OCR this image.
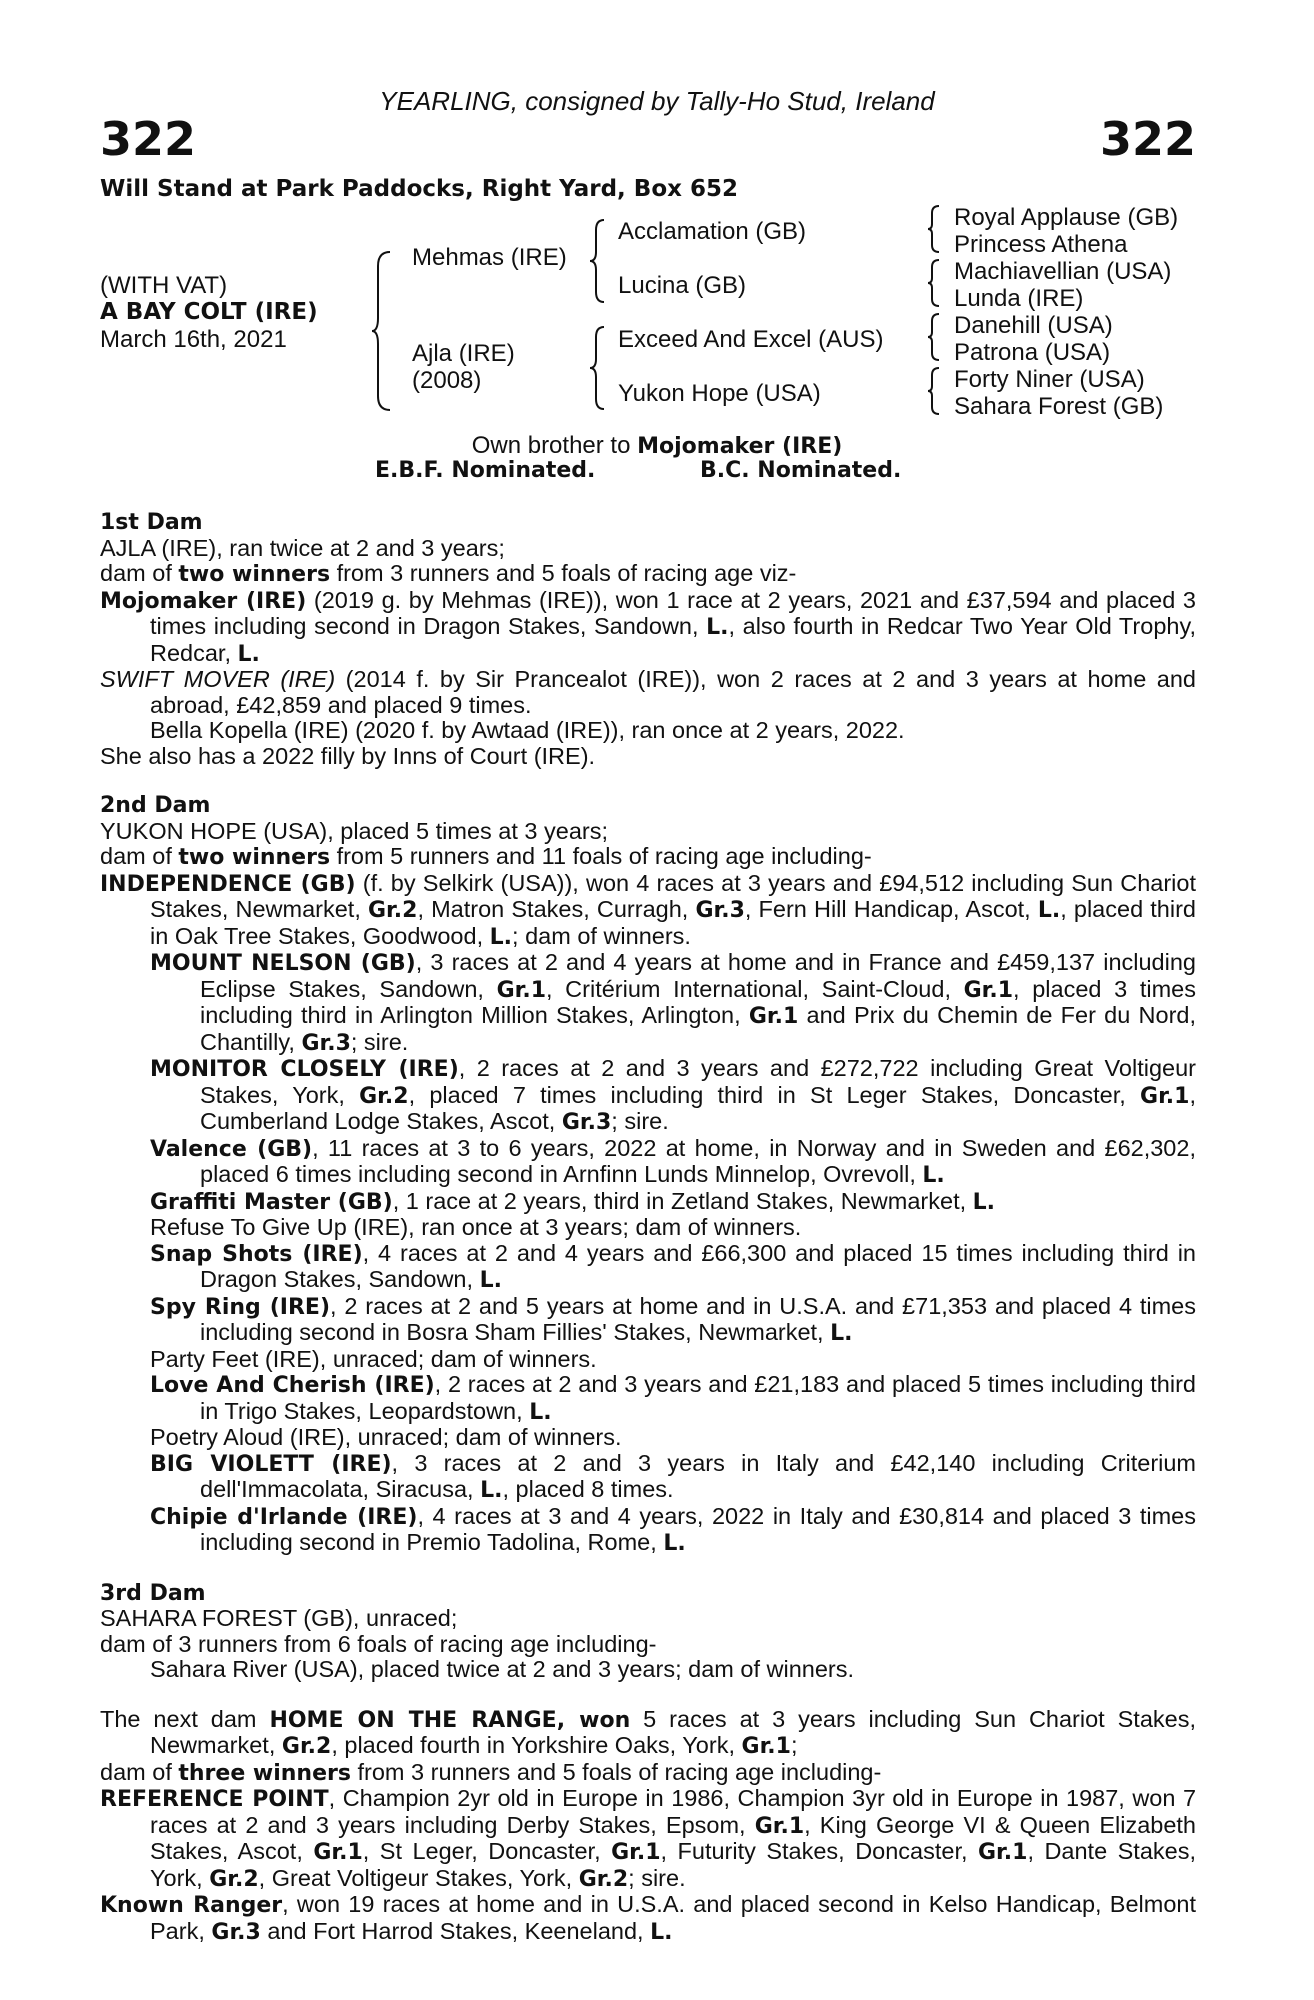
YEARLING, consigned by Tally-Ho Stud, Ireland
322	322
Will Stand at Park Paddocks, Right Yard, Box 652
(WITH VAT)
A BAY COLT (IRE)
March 16th, 2021
Mehmas (IRE)
Ajla (IRE)
(2008)
Acclamation (GB)
Lucina (GB)
Exceed And Excel (AUS)
Yukon Hope (USA)
Royal Applause (GB)
Princess Athena
Machiavellian (USA)
Lunda (IRE)
Danehill (USA)
Patrona (USA)
Forty Niner (USA)
Sahara Forest (GB)
Own brother to Mojomaker (IRE)
E.B.F. Nominated.	B.C. Nominated.
1st Dam
AJLA (IRE), ran twice at 2 and 3 years;
dam of two winners from 3 runners and 5 foals of racing age viz-
Mojomaker (IRE) (2019 g. by Mehmas (IRE)), won 1 race at 2 years, 2021 and £37,594 and placed 3 times including second in Dragon Stakes, Sandown, L., also fourth in Redcar Two Year Old Trophy, Redcar, L.
SWIFT MOVER (IRE) (2014 f. by Sir Prancealot (IRE)), won 2 races at 2 and 3 years at home and abroad, £42,859 and placed 9 times.
Bella Kopella (IRE) (2020 f. by Awtaad (IRE)), ran once at 2 years, 2022.
She also has a 2022 filly by Inns of Court (IRE).
2nd Dam
YUKON HOPE (USA), placed 5 times at 3 years;
dam of two winners from 5 runners and 11 foals of racing age including-
INDEPENDENCE (GB) (f. by Selkirk (USA)), won 4 races at 3 years and £94,512 including Sun Chariot Stakes, Newmarket, Gr.2, Matron Stakes, Curragh, Gr.3, Fern Hill Handicap, Ascot, L., placed third in Oak Tree Stakes, Goodwood, L.; dam of winners.
MOUNT NELSON (GB), 3 races at 2 and 4 years at home and in France and £459,137 including Eclipse Stakes, Sandown, Gr.1, Critérium International, Saint-Cloud, Gr.1, placed 3 times including third in Arlington Million Stakes, Arlington, Gr.1 and Prix du Chemin de Fer du Nord, Chantilly, Gr.3; sire.
MONITOR CLOSELY (IRE), 2 races at 2 and 3 years and £272,722 including Great Voltigeur Stakes, York, Gr.2, placed 7 times including third in St Leger Stakes, Doncaster, Gr.1, Cumberland Lodge Stakes, Ascot, Gr.3; sire.
Valence (GB), 11 races at 3 to 6 years, 2022 at home, in Norway and in Sweden and £62,302, placed 6 times including second in Arnfinn Lunds Minnelop, Ovrevoll, L.
Graffiti Master (GB), 1 race at 2 years, third in Zetland Stakes, Newmarket, L.
Refuse To Give Up (IRE), ran once at 3 years; dam of winners.
Snap Shots (IRE), 4 races at 2 and 4 years and £66,300 and placed 15 times including third in Dragon Stakes, Sandown, L.
Spy Ring (IRE), 2 races at 2 and 5 years at home and in U.S.A. and £71,353 and placed 4 times including second in Bosra Sham Fillies' Stakes, Newmarket, L.
Party Feet (IRE), unraced; dam of winners.
Love And Cherish (IRE), 2 races at 2 and 3 years and £21,183 and placed 5 times including third in Trigo Stakes, Leopardstown, L.
Poetry Aloud (IRE), unraced; dam of winners.
BIG VIOLETT (IRE), 3 races at 2 and 3 years in Italy and £42,140 including Criterium dell'Immacolata, Siracusa, L., placed 8 times.
Chipie d'Irlande (IRE), 4 races at 3 and 4 years, 2022 in Italy and £30,814 and placed 3 times including second in Premio Tadolina, Rome, L.
3rd Dam
SAHARA FOREST (GB), unraced;
dam of 3 runners from 6 foals of racing age including-
Sahara River (USA), placed twice at 2 and 3 years; dam of winners.
The next dam HOME ON THE RANGE, won 5 races at 3 years including Sun Chariot Stakes, Newmarket, Gr.2, placed fourth in Yorkshire Oaks, York, Gr.1;
dam of three winners from 3 runners and 5 foals of racing age including-
REFERENCE POINT, Champion 2yr old in Europe in 1986, Champion 3yr old in Europe in 1987, won 7 races at 2 and 3 years including Derby Stakes, Epsom, Gr.1, King George VI & Queen Elizabeth Stakes, Ascot, Gr.1, St Leger, Doncaster, Gr.1, Futurity Stakes, Doncaster, Gr.1, Dante Stakes, York, Gr.2, Great Voltigeur Stakes, York, Gr.2; sire.
Known Ranger, won 19 races at home and in U.S.A. and placed second in Kelso Handicap, Belmont Park, Gr.3 and Fort Harrod Stakes, Keeneland, L.
